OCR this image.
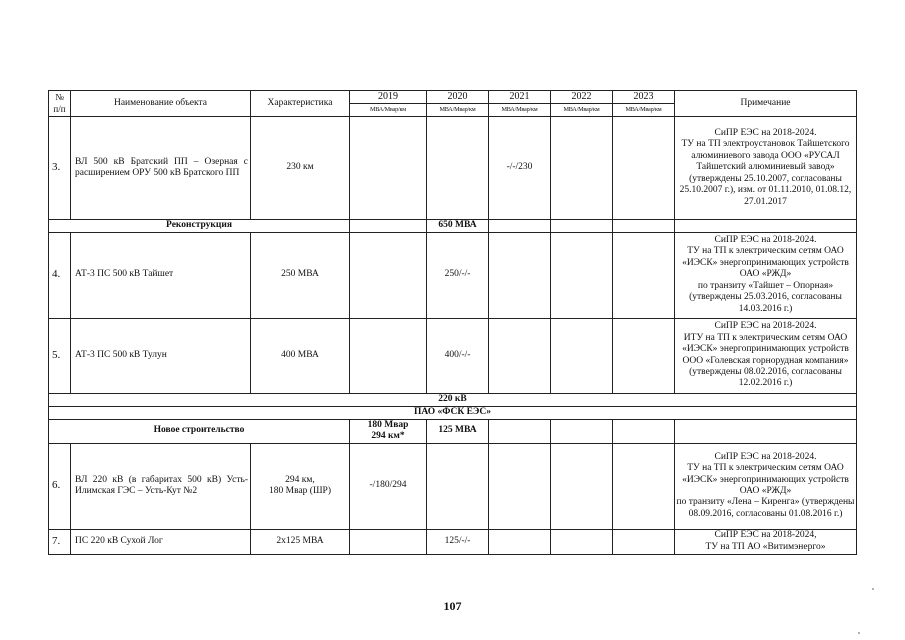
№
п/п	Наименование объекта	Характеристика	2019	2020	2021	2022	2023	Примечание
			МВА/Мвар/км	МВА/Мвар/км	МВА/Мвар/км	МВА/Мвар/км	МВА/Мвар/км	
3.	ВЛ 500 кВ Братский ПП – Озерная с расширением ОРУ 500 кВ Братского ПП	230 км			-/-/230			СиПР ЕЭС на 2018-2024.
ТУ на ТП электроустановок Тайшетского алюминиевого завода ООО «РУСАЛ Тайшетский алюминиевый завод» (утверждены 25.10.2007, согласованы 25.10.2007 г.), изм. от 01.11.2010, 01.08.12, 27.01.2017
Реконструкция				650 МВА				
4.	АТ-3 ПС 500 кВ Тайшет	250 МВА		250/-/-				СиПР ЕЭС на 2018-2024.
ТУ на ТП к электрическим сетям ОАО «ИЭСК» энергопринимающих устройств ОАО «РЖД»
по транзиту «Тайшет – Опорная» (утверждены 25.03.2016, согласованы 14.03.2016 г.)
5.	АТ-3 ПС 500 кВ Тулун	400 МВА		400/-/-				СиПР ЕЭС на 2018-2024.
ИТУ на ТП к электрическим сетям ОАО «ИЭСК» энергопринимающих устройств ООО «Голевская горнорудная компания» (утверждены 08.02.2016, согласованы 12.02.2016 г.)
220 кВ								
ПАО «ФСК ЕЭС»								
Новое строительство			180 Мвар
294 км*	125 МВА				
6.	ВЛ 220 кВ (в габаритах 500 кВ) Усть-Илимская ГЭС – Усть-Кут №2	294 км,
180 Мвар (ШР)	-/180/294					СиПР ЕЭС на 2018-2024.
ТУ на ТП к электрическим сетям ОАО «ИЭСК» энергопринимающих устройств ОАО «РЖД»
по транзиту «Лена – Киренга» (утверждены 08.09.2016, согласованы 01.08.2016 г.)
7.	ПС 220 кВ Сухой Лог	2х125 МВА		125/-/-				СиПР ЕЭС на 2018-2024,
ТУ на ТП АО «Витимэнерго»
107
